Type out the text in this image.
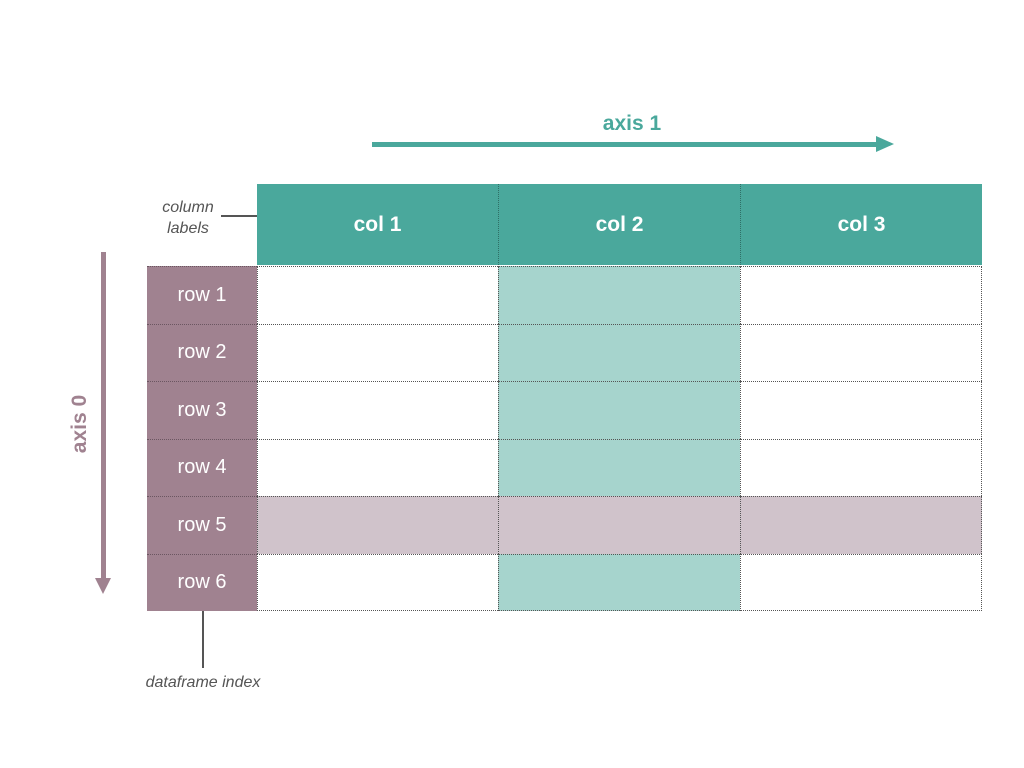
axis 1
axis 0
column
labels
dataframe index
col 1	col 2	col 3
row 1
row 2
row 3
row 4
row 5
row 6
